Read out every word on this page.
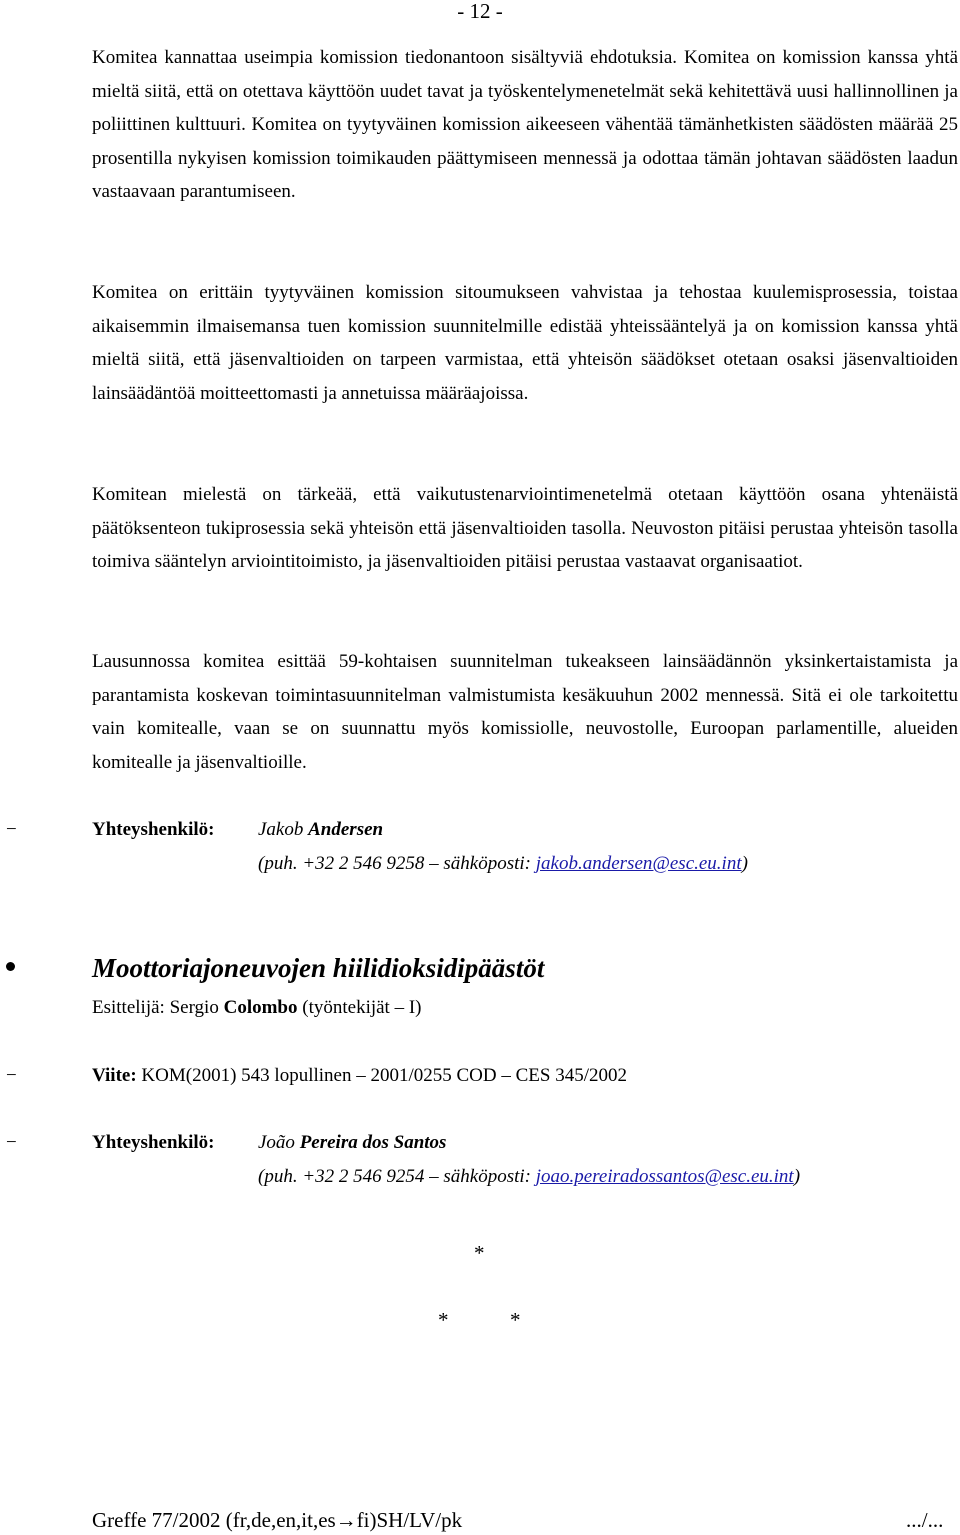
- 12 -
Komitea kannattaa useimpia komission tiedonantoon sisältyviä ehdotuksia. Komitea on komission kanssa yhtä mieltä siitä, että on otettava käyttöön uudet tavat ja työskentelymenetelmät sekä kehitettävä uusi hallinnollinen ja poliittinen kulttuuri. Komitea on tyytyväinen komission aikeeseen vähentää tämänhetkisten säädösten määrää 25 prosentilla nykyisen komission toimikauden päättymiseen mennessä ja odottaa tämän johtavan säädösten laadun vastaavaan parantumiseen.
Komitea on erittäin tyytyväinen komission sitoumukseen vahvistaa ja tehostaa kuulemisprosessia, toistaa aikaisemmin ilmaisemansa tuen komission suunnitelmille edistää yhteissääntelyä ja on komission kanssa yhtä mieltä siitä, että jäsenvaltioiden on tarpeen varmistaa, että yhteisön säädökset otetaan osaksi jäsenvaltioiden lainsäädäntöä moitteettomasti ja annetuissa määräajoissa.
Komitean mielestä on tärkeää, että vaikutustenarviointimenetelmä otetaan käyttöön osana yhtenäistä päätöksenteon tukiprosessia sekä yhteisön että jäsenvaltioiden tasolla. Neuvoston pitäisi perustaa yhteisön tasolla toimiva sääntelyn arviointitoimisto, ja jäsenvaltioiden pitäisi perustaa vastaavat organisaatiot.
Lausunnossa komitea esittää 59-kohtaisen suunnitelman tukeakseen lainsäädännön yksinkertaistamista ja parantamista koskevan toimintasuunnitelman valmistumista kesäkuuhun 2002 mennessä. Sitä ei ole tarkoitettu vain komitealle, vaan se on suunnattu myös komissiolle, neuvostolle, Euroopan parlamentille, alueiden komitealle ja jäsenvaltioille.
−	Yhteyshenkilö: Jakob Andersen
(puh. +32 2 546 9258 – sähköposti: jakob.andersen@esc.eu.int)
Moottoriajoneuvojen hiilidioksidipäästöt
Esittelijä: Sergio Colombo (työntekijät – I)
−	Viite: KOM(2001) 543 lopullinen – 2001/0255 COD – CES 345/2002
−	Yhteyshenkilö: João Pereira dos Santos
(puh. +32 2 546 9254 – sähköposti: joao.pereiradossantos@esc.eu.int)
*
*	*
Greffe 77/2002 (fr,de,en,it,es→fi)SH/LV/pk	.../...
